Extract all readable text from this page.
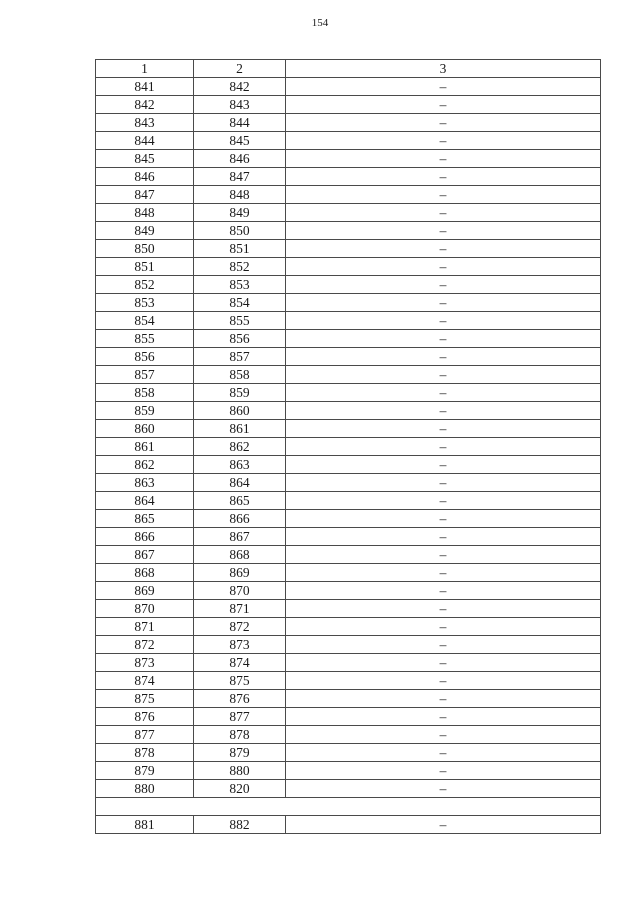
154
1	2	3
841	842	–
842	843	–
843	844	–
844	845	–
845	846	–
846	847	–
847	848	–
848	849	–
849	850	–
850	851	–
851	852	–
852	853	–
853	854	–
854	855	–
855	856	–
856	857	–
857	858	–
858	859	–
859	860	–
860	861	–
861	862	–
862	863	–
863	864	–
864	865	–
865	866	–
866	867	–
867	868	–
868	869	–
869	870	–
870	871	–
871	872	–
872	873	–
873	874	–
874	875	–
875	876	–
876	877	–
877	878	–
878	879	–
879	880	–
880	820	–

881	882	–
